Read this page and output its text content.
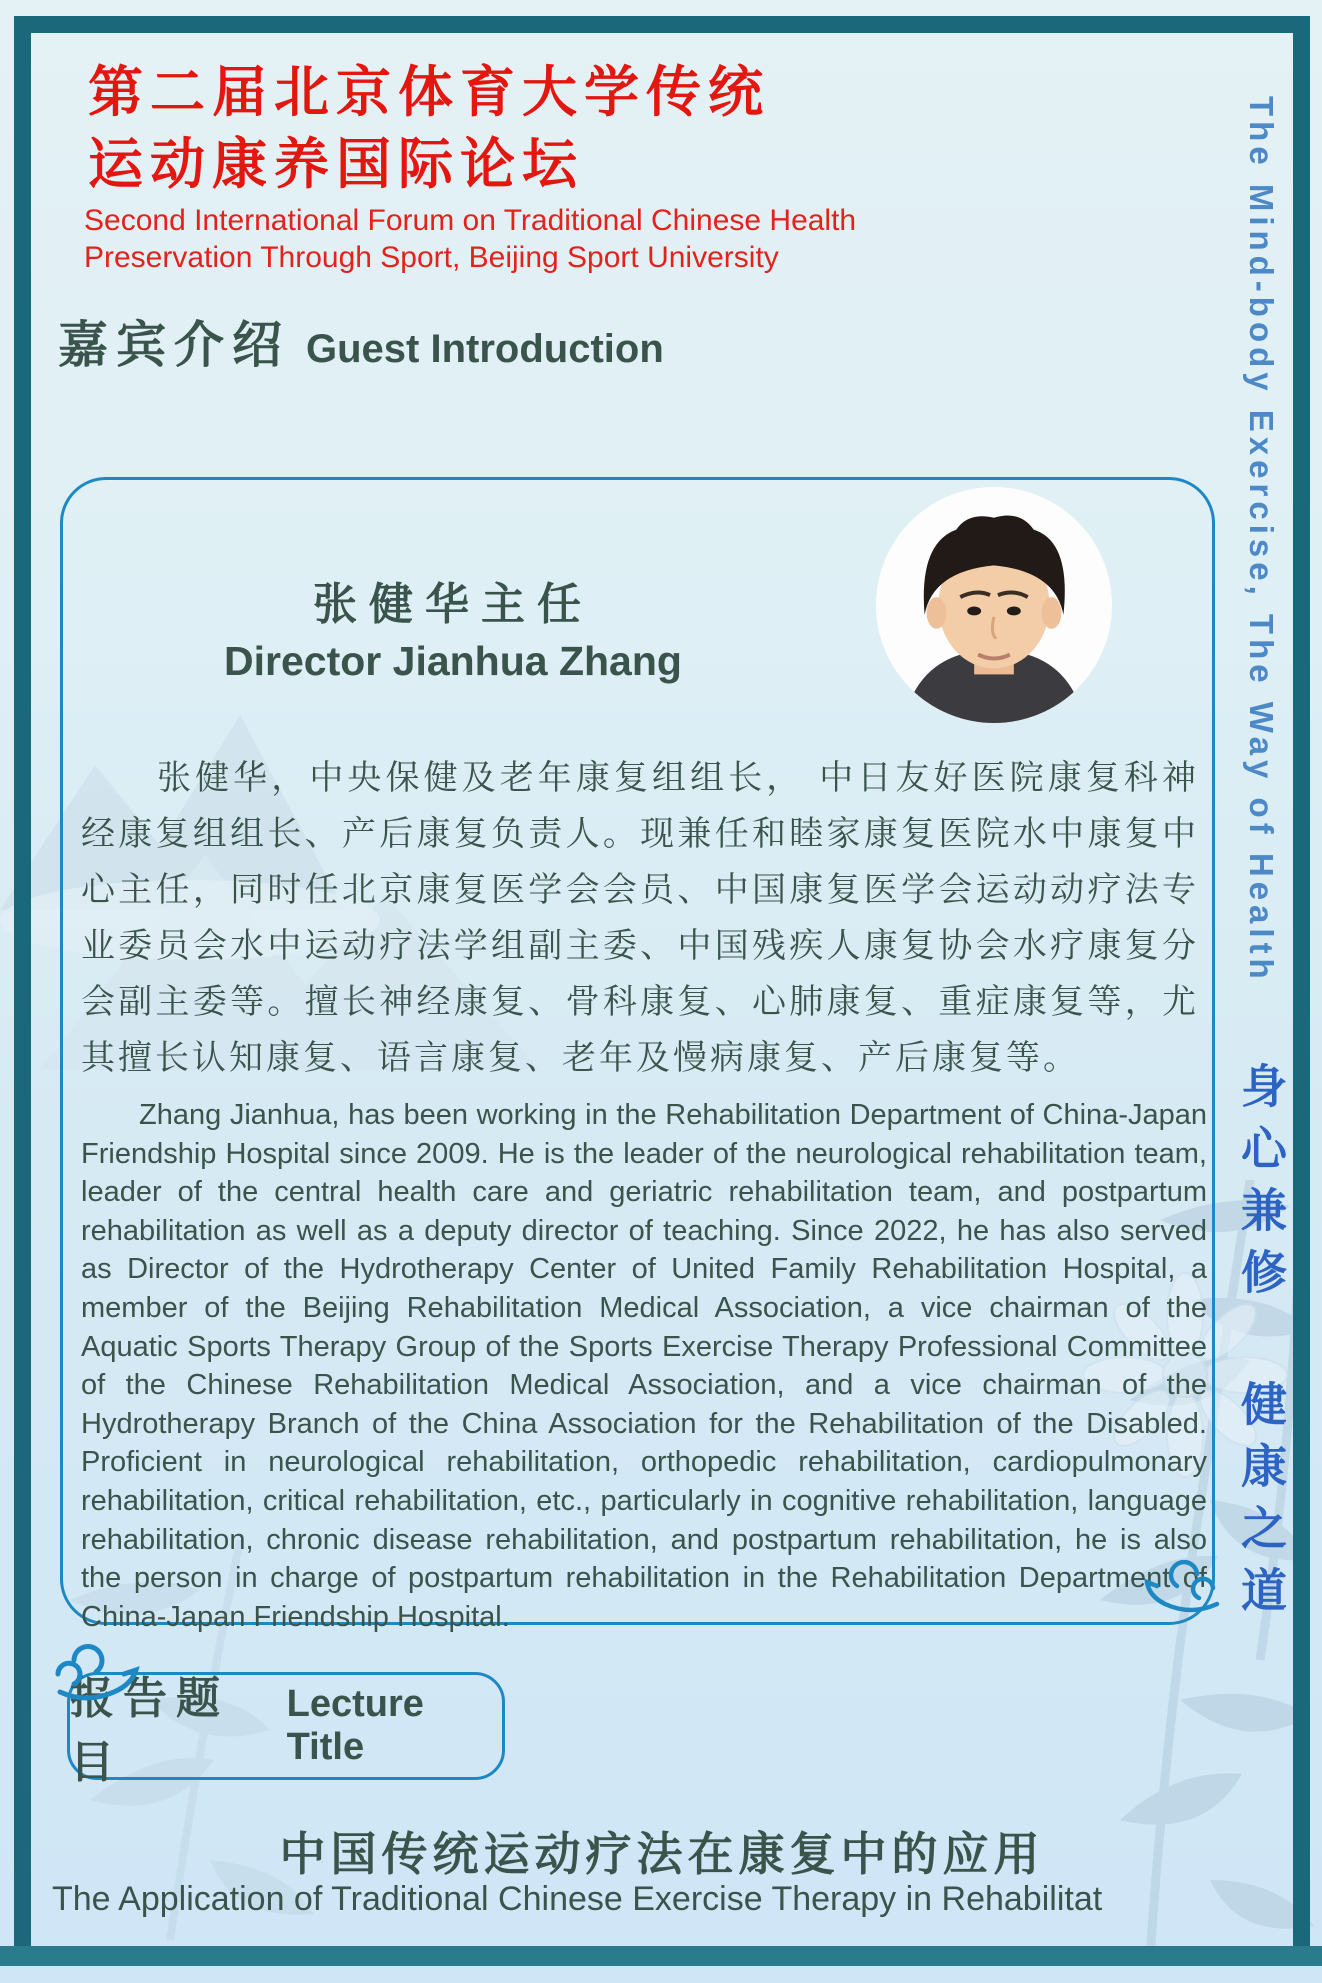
第二届北京体育大学传统
运动康养国际论坛
Second International Forum on Traditional Chinese Health
Preservation Through Sport, Beijing Sport University
嘉宾介绍 Guest Introduction
张健华主任
Director Jianhua Zhang

张健华，中央保健及老年康复组组长， 中日友好医院康复科神经康复组组长、产后康复负责人。现兼任和睦家康复医院水中康复中心主任，同时任北京康复医学会会员、中国康复医学会运动动疗法专业委员会水中运动疗法学组副主委、中国残疾人康复协会水疗康复分会副主委等。擅长神经康复、骨科康复、心肺康复、重症康复等，尤其擅长认知康复、语言康复、老年及慢病康复、产后康复等。

Zhang Jianhua, has been working in the Rehabilitation Department of China-Japan Friendship Hospital since 2009. He is the leader of the neurological rehabilitation team, leader of the central health care and geriatric rehabilitation team, and postpartum rehabilitation as well as a deputy director of teaching. Since 2022, he has also served as Director of the Hydrotherapy Center of United Family Rehabilitation Hospital, a member of the Beijing Rehabilitation Medical Association, a vice chairman of the Aquatic Sports Therapy Group of the Sports Exercise Therapy Professional Committee of the Chinese Rehabilitation Medical Association, and a vice chairman of the Hydrotherapy Branch of the China Association for the Rehabilitation of the Disabled. Proficient in neurological rehabilitation, orthopedic rehabilitation, cardiopulmonary rehabilitation, critical rehabilitation, etc., particularly in cognitive rehabilitation, language rehabilitation, chronic disease rehabilitation, and postpartum rehabilitation, he is also the person in charge of postpartum rehabilitation in the Rehabilitation Department of China-Japan Friendship Hospital.

报告题目
Lecture Title
中国传统运动疗法在康复中的应用
The Application of Traditional Chinese Exercise Therapy in Rehabilitat
The Mind-body Exercise, The Way of Health
身心兼修 健康之道
